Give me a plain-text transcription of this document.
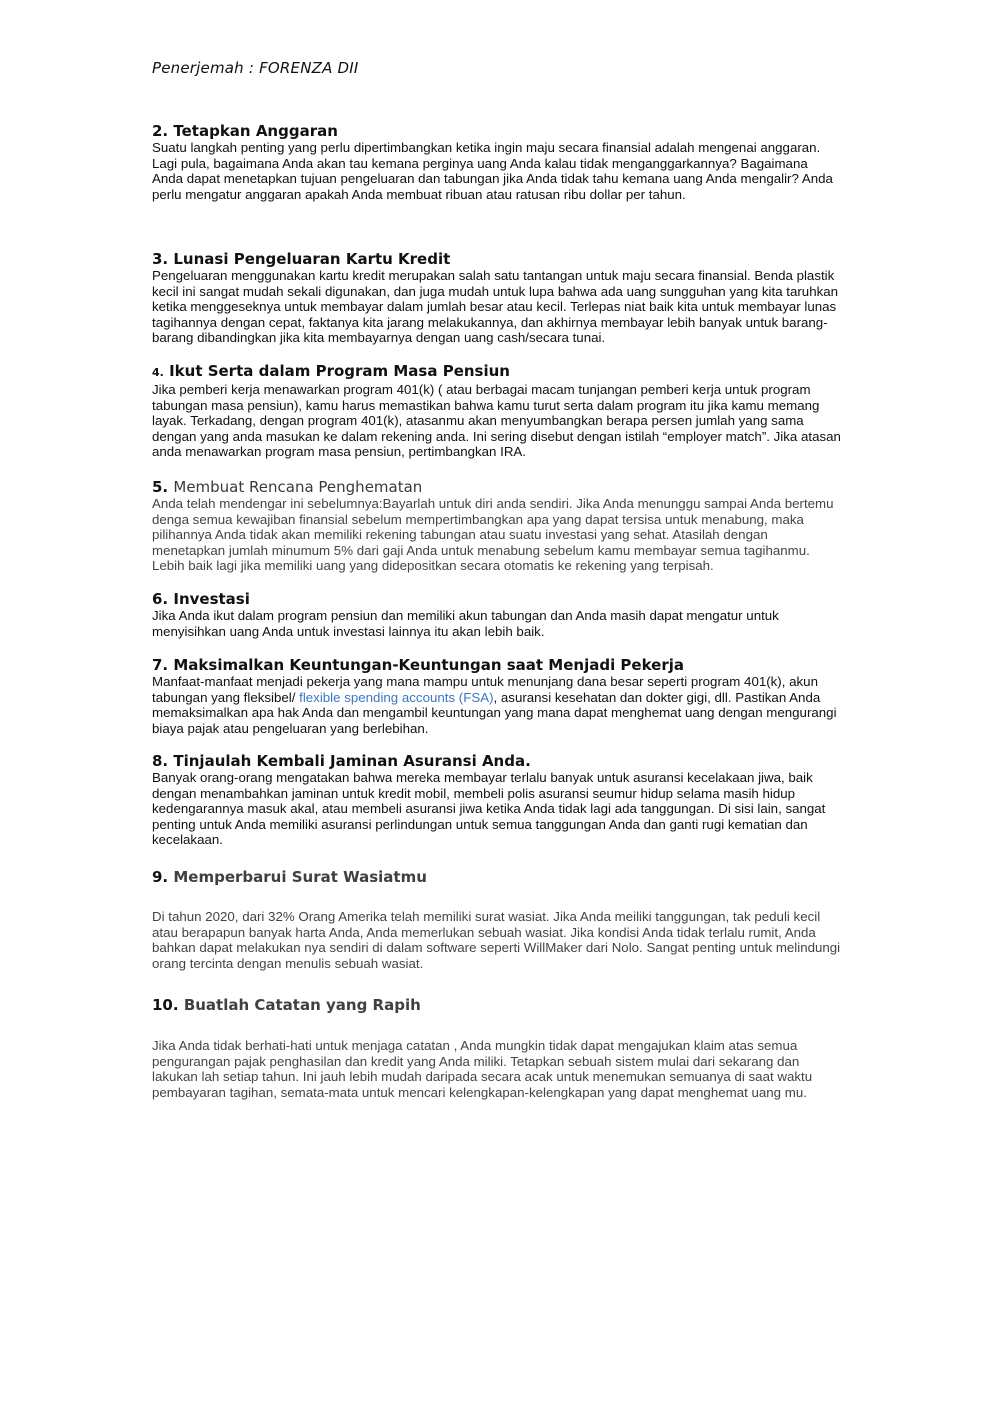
Penerjemah : FORENZA DII
2. Tetapkan Anggaran

Suatu langkah penting yang perlu dipertimbangkan ketika ingin maju secara finansial adalah mengenai anggaran.
Lagi pula, bagaimana Anda akan tau kemana perginya uang Anda kalau tidak menganggarkannya? Bagaimana
Anda dapat menetapkan tujuan pengeluaran dan tabungan jika Anda tidak tahu kemana uang Anda mengalir? Anda
perlu mengatur anggaran apakah Anda membuat ribuan atau ratusan ribu dollar per tahun.

3. Lunasi Pengeluaran Kartu Kredit

Pengeluaran menggunakan kartu kredit merupakan salah satu tantangan untuk maju secara finansial. Benda plastik
kecil ini sangat mudah sekali digunakan, dan juga mudah untuk lupa bahwa ada uang sungguhan yang kita taruhkan
ketika menggeseknya untuk membayar dalam jumlah besar atau kecil. Terlepas niat baik kita untuk membayar lunas
tagihannya dengan cepat, faktanya kita jarang melakukannya, dan akhirnya membayar lebih banyak untuk barang-
barang dibandingkan jika kita membayarnya dengan uang cash/secara tunai.

4. Ikut Serta dalam Program Masa Pensiun

Jika pemberi kerja menawarkan program 401(k) ( atau berbagai macam tunjangan pemberi kerja untuk program
tabungan masa pensiun), kamu harus memastikan bahwa kamu turut serta dalam program itu jika kamu memang
layak. Terkadang, dengan program 401(k), atasanmu akan menyumbangkan berapa persen jumlah yang sama
dengan yang anda masukan ke dalam rekening anda. Ini sering disebut dengan istilah “employer match”. Jika atasan
anda menawarkan program masa pensiun, pertimbangkan IRA.

5. Membuat Rencana Penghematan

Anda telah mendengar ini sebelumnya:Bayarlah untuk diri anda sendiri. Jika Anda menunggu sampai Anda bertemu
denga semua kewajiban finansial sebelum mempertimbangkan apa yang dapat tersisa untuk menabung, maka
pilihannya Anda tidak akan memiliki rekening tabungan atau suatu investasi yang sehat. Atasilah dengan
menetapkan jumlah minumum 5% dari gaji Anda untuk menabung sebelum kamu membayar semua tagihanmu.
Lebih baik lagi jika memiliki uang yang didepositkan secara otomatis ke rekening yang terpisah.

6. Investasi

Jika Anda ikut dalam program pensiun dan memiliki akun tabungan dan Anda masih dapat mengatur untuk
menyisihkan uang Anda untuk investasi lainnya itu akan lebih baik.

7. Maksimalkan Keuntungan-Keuntungan saat Menjadi Pekerja

Manfaat-manfaat menjadi pekerja yang mana mampu untuk menunjang dana besar seperti program 401(k), akun
tabungan yang fleksibel/ flexible spending accounts (FSA), asuransi kesehatan dan dokter gigi, dll. Pastikan Anda
memaksimalkan apa hak Anda dan mengambil keuntungan yang mana dapat menghemat uang dengan mengurangi
biaya pajak atau pengeluaran yang berlebihan.

8. Tinjaulah Kembali Jaminan Asuransi Anda.

Banyak orang-orang mengatakan bahwa mereka membayar terlalu banyak untuk asuransi kecelakaan jiwa, baik
dengan menambahkan jaminan untuk kredit mobil, membeli polis asuransi seumur hidup selama masih hidup
kedengarannya masuk akal, atau membeli asuransi jiwa ketika Anda tidak lagi ada tanggungan. Di sisi lain, sangat
penting untuk Anda memiliki asuransi perlindungan untuk semua tanggungan Anda dan ganti rugi kematian dan
kecelakaan.

9. Memperbarui Surat Wasiatmu

Di tahun 2020, dari 32% Orang Amerika telah memiliki surat wasiat. Jika Anda meiliki tanggungan, tak peduli kecil
atau berapapun banyak harta Anda, Anda memerlukan sebuah wasiat. Jika kondisi Anda tidak terlalu rumit, Anda
bahkan dapat melakukan nya sendiri di dalam software seperti WillMaker dari Nolo. Sangat penting untuk melindungi
orang tercinta dengan menulis sebuah wasiat.

10. Buatlah Catatan yang Rapih

Jika Anda tidak berhati-hati untuk menjaga catatan , Anda mungkin tidak dapat mengajukan klaim atas semua
pengurangan pajak penghasilan dan kredit yang Anda miliki. Tetapkan sebuah sistem mulai dari sekarang dan
lakukan lah setiap tahun. Ini jauh lebih mudah daripada secara acak untuk menemukan semuanya di saat waktu
pembayaran tagihan, semata-mata untuk mencari kelengkapan-kelengkapan yang dapat menghemat uang mu.
